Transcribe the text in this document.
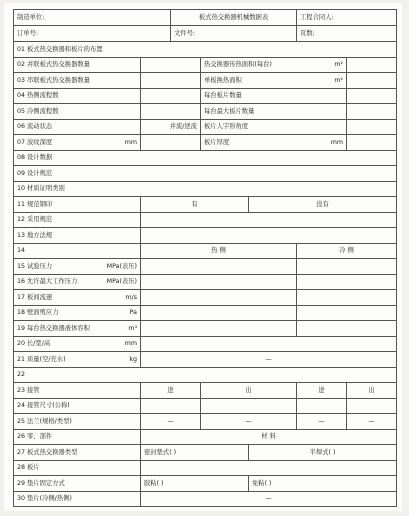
制造单位:		板式热交换器机械数据表			工程合同人:	
订单号:		文件号:			页数:	
01 板式热交换器和板片的布置						
02 并联板式热交换器数量			热交换器传热面积(每台) m²			

03 串联板式热交换器数量			单板换热面积 m²			

04 热侧流程数			每台板片数量			
05 冷侧流程数			每台最大板片数量			
06 流动状态	并流/逆流		板片人字形角度			
07 波纹深度 mm			板片厚度 mm			

08 设计数据						
09 设计规范						
10 材质证明类别						
11 规范钢印	有			没有		
12 采用规范						
13 地方法规						
14	热 侧				冷 侧	
15 试验压力 MPa(表压)						

16 允许最大工作压力 MPa(表压)						

17 板间流速 m/s						

18 壁面剪应力 Pa						

19 每台热交换器液体容积 m³						

20 长/宽/高 mm						

21 质量(空/充水) kg	—					
22						
23 接管	进		出		进	出
24 接管尺寸(公称)						
25 法兰(规格/类型)	—		—		—	—
26 零、部件	材 料					
27 板式热交换器类型	密封垫式( )			半焊式( )		
28 板片						
29 垫片固定方式	胶粘( )			免粘( )		
30 垫片(冷侧/热侧)	—					
